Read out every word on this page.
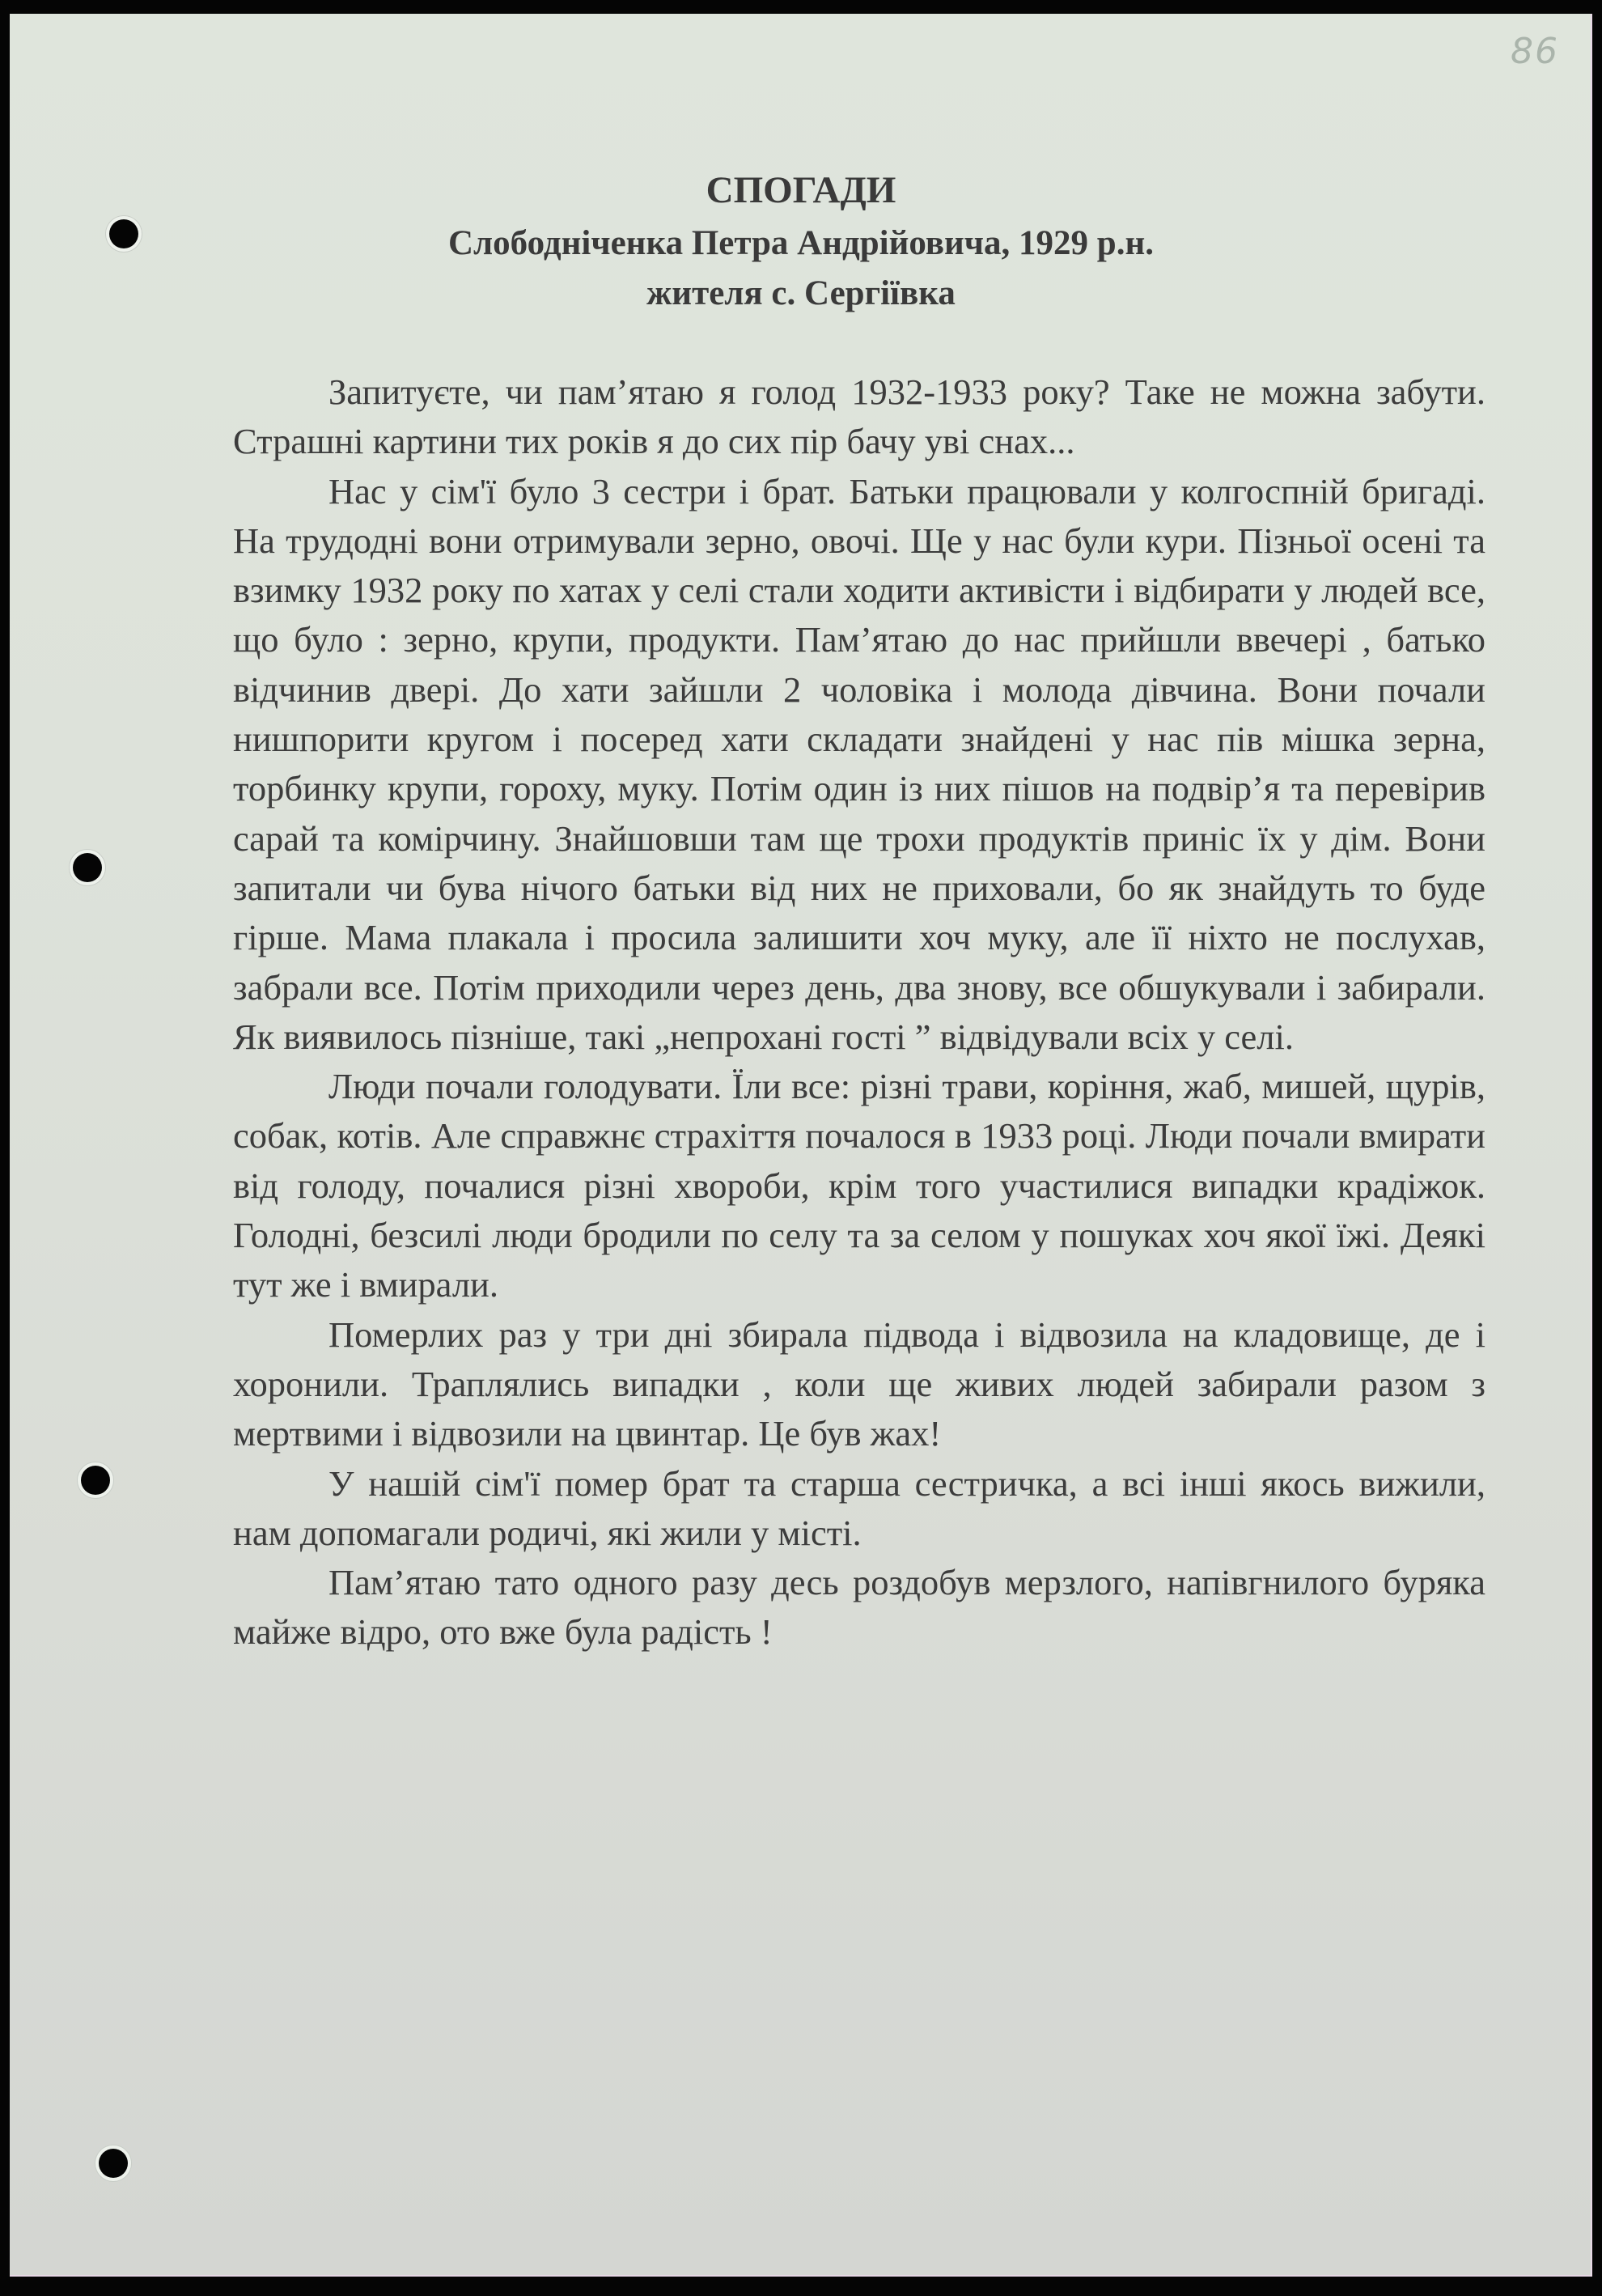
86
СПОГАДИ
Слободніченка Петра Андрійовича, 1929 р.н.
жителя с. Сергіївка

Запитуєте, чи пам’ятаю я голод 1932-1933 року? Таке не можна забути. Страшні картини тих років я до сих пір бачу уві снах...

Нас у сім'ї було 3 сестри і брат. Батьки працювали у колгоспній бригаді. На трудодні вони отримували зерно, овочі. Ще у нас були кури. Пізньої осені та взимку 1932 року по хатах у селі стали ходити активісти і відбирати у людей все, що було : зерно, крупи, продукти. Пам’ятаю до нас прийшли ввечері , батько відчинив двері. До хати зайшли 2 чоловіка і молода дівчина. Вони почали нишпорити кругом і посеред хати складати знайдені у нас пів мішка зерна, торбинку крупи, гороху, муку. Потім один із них пішов на подвір’я та перевірив сарай та комірчину. Знайшовши там ще трохи продуктів приніс їх у дім. Вони запитали чи бува нічого батьки від них не приховали, бо як знайдуть то буде гірше. Мама плакала і просила залишити хоч муку, але її ніхто не послухав, забрали все. Потім приходили через день, два знову, все обшукували і забирали. Як виявилось пізніше, такі „непрохані гості ” відвідували всіх у селі.

Люди почали голодувати. Їли все: різні трави, коріння, жаб, мишей, щурів, собак, котів. Але справжнє страхіття почалося в 1933 році. Люди почали вмирати від голоду, почалися різні хвороби, крім того участилися випадки крадіжок. Голодні, безсилі люди бродили по селу та за селом у пошуках хоч якої їжі. Деякі тут же і вмирали.

Померлих раз у три дні збирала підвода і відвозила на кладовище, де і хоронили. Траплялись випадки , коли ще живих людей забирали разом з мертвими і відвозили на цвинтар. Це був жах!

У нашій сім'ї помер брат та старша сестричка, а всі інші якось вижили, нам допомагали родичі, які жили у місті.

Пам’ятаю тато одного разу десь роздобув мерзлого, напівгнилого буряка майже відро, ото вже була радість !
